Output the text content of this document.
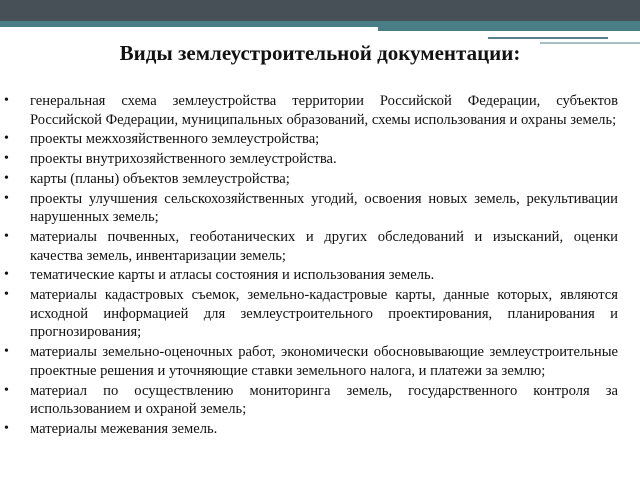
Виды землеустроительной документации:
• генеральная схема землеустройства территории Российской Федерации, субъектов Российской Федерации, муниципальных образований, схемы использования и охраны земель;
• проекты межхозяйственного землеустройства;
• проекты внутрихозяйственного землеустройства.
• карты (планы) объектов землеустройства;
• проекты улучшения сельскохозяйственных угодий, освоения новых земель, рекультивации нарушенных земель;
• материалы почвенных, геоботанических и других обследований и изысканий, оценки качества земель, инвентаризации земель;
• тематические карты и атласы состояния и использования земель.
• материалы кадастровых съемок, земельно-кадастровые карты, данные которых, являются исходной информацией для землеустроительного проектирования, планирования и прогнозирования;
• материалы земельно-оценочных работ, экономически обосновывающие землеустроительные проектные решения и уточняющие ставки земельного налога, и платежи за землю;
• материал по осуществлению мониторинга земель, государственного контроля за использованием и охраной земель;
• материалы межевания земель.
